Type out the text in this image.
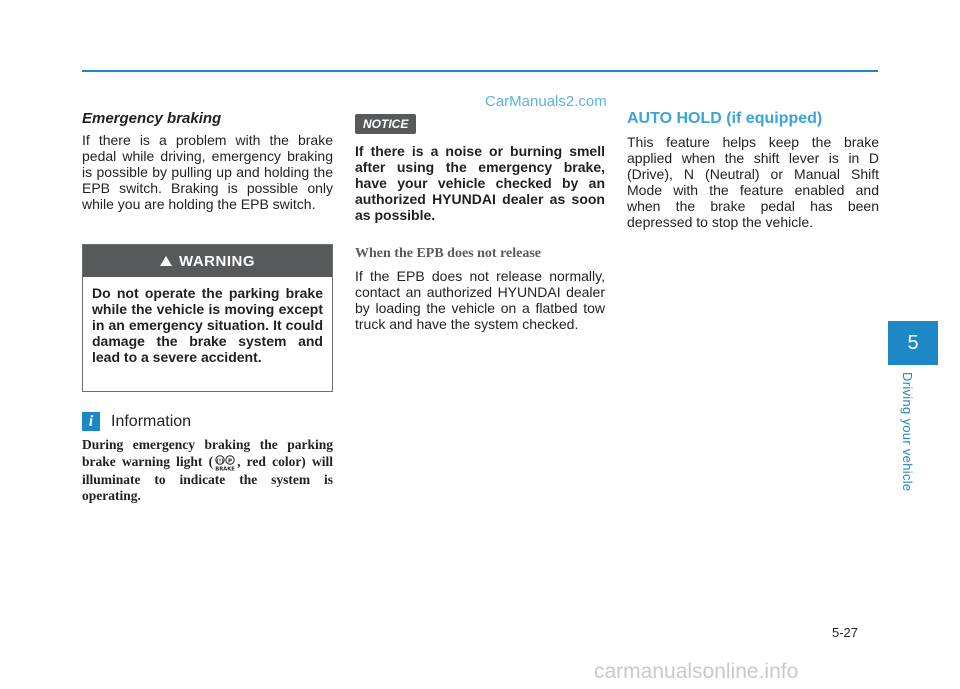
CarManuals2.com

Emergency braking

If there is a problem with the brake pedal while driving, emergency braking is possible by pulling up and holding the EPB switch. Braking is possible only while you are holding the EPB switch.

WARNING
Do not operate the parking brake while the vehicle is moving except in an emergency situation. It could damage the brake system and lead to a severe accident.
i	Information
During emergency braking the parking brake warning light ( (!) P
BRAKE
, red color) will illuminate to indicate the system is operating.
NOTICE

If there is a noise or burning smell after using the emergency brake, have your vehicle checked by an authorized HYUNDAI dealer as soon as possible.

When the EPB does not release

If the EPB does not release normally, contact an authorized HYUNDAI dealer by loading the vehicle on a flatbed tow truck and have the system checked.

AUTO HOLD (if equipped)

This feature helps keep the brake applied when the shift lever is in D (Drive), N (Neutral) or Manual Shift Mode with the feature enabled and when the brake pedal has been depressed to stop the vehicle.

5
Driving your vehicle
5-27
carmanualsonline.info
